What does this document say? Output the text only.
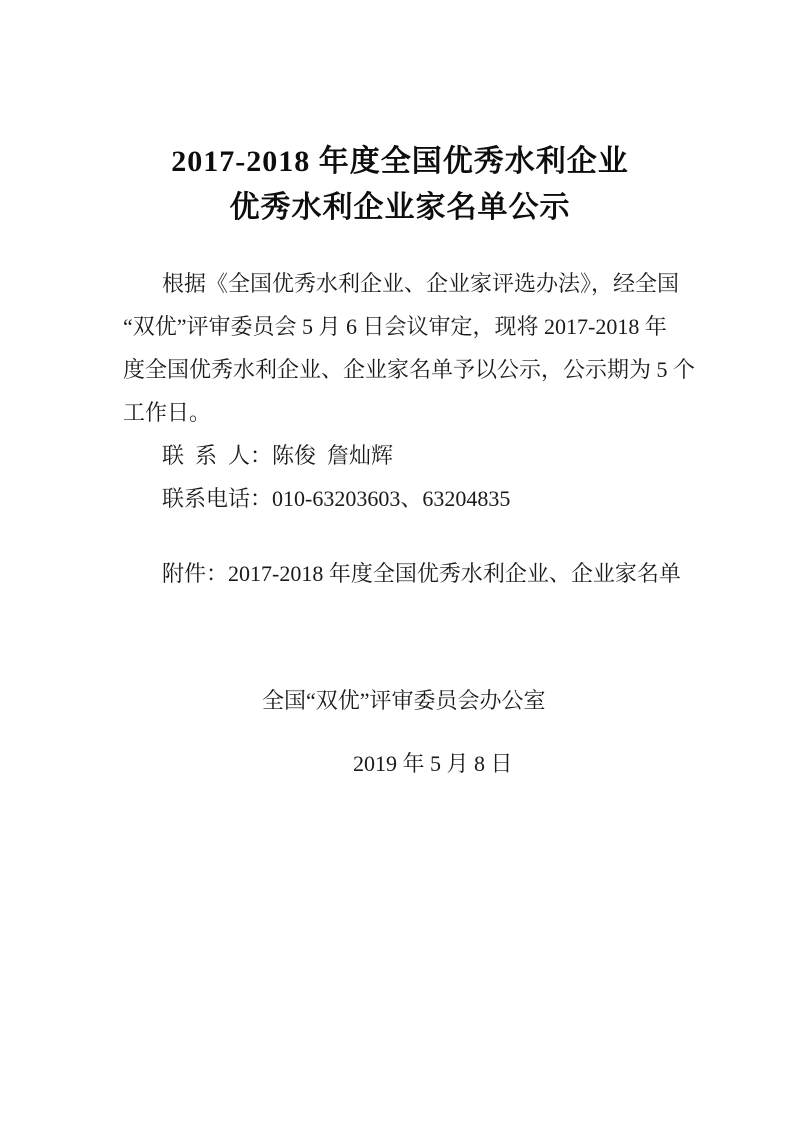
2017-2018 年度全国优秀水利企业
优秀水利企业家名单公示
根据《全国优秀水利企业、企业家评选办法》，经全国
“双优”评审委员会 5 月 6 日会议审定，现将 2017-2018 年
度全国优秀水利企业、企业家名单予以公示，公示期为 5 个
工作日。
联  系  人：陈俊  詹灿辉
联系电话：010-63203603、63204835
附件：2017-2018 年度全国优秀水利企业、企业家名单
全国“双优”评审委员会办公室
2019 年 5 月 8 日
